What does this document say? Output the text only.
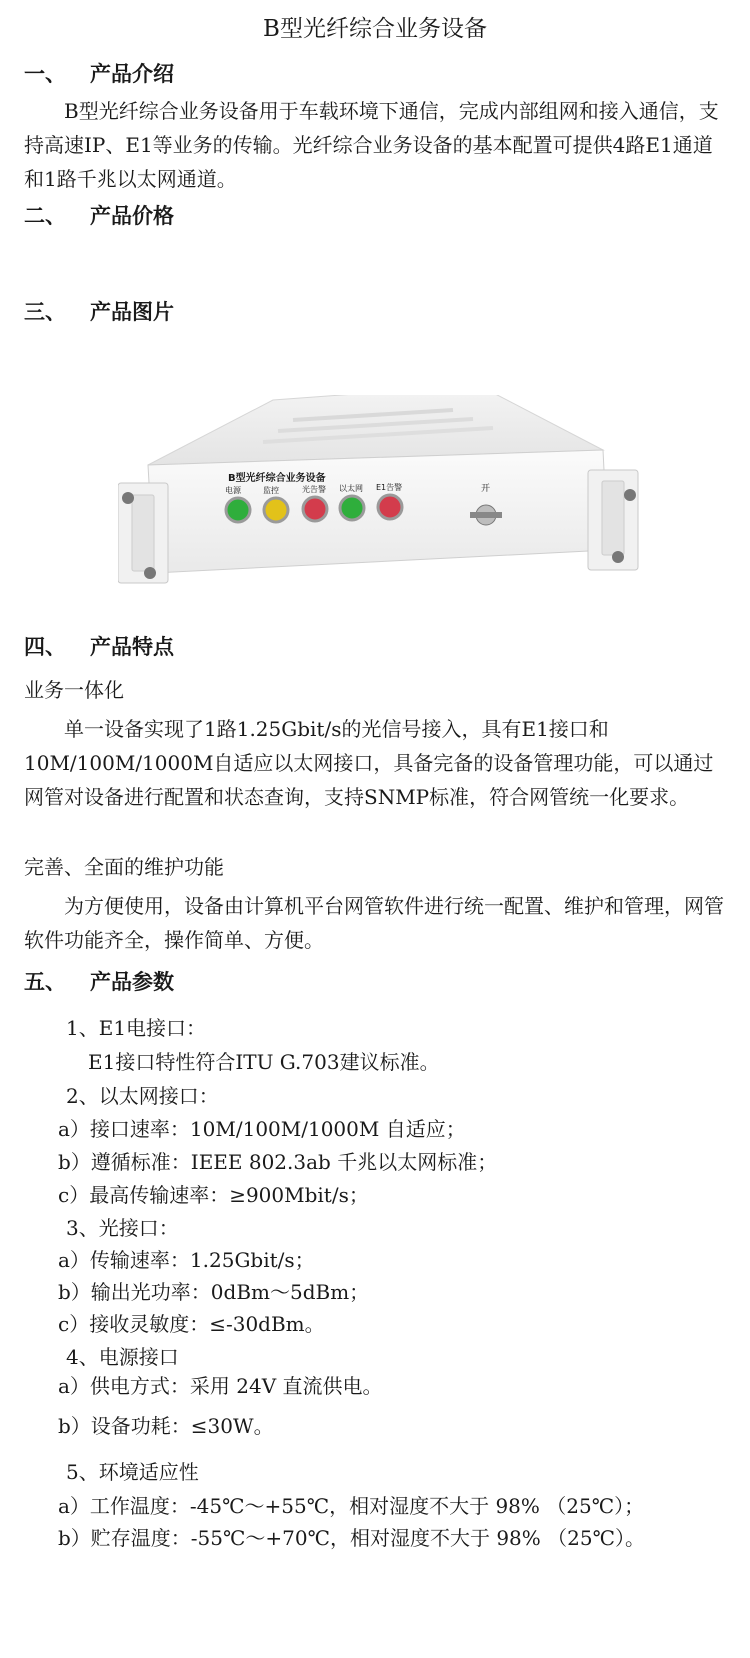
B型光纤综合业务设备
一、 产品介绍
B型光纤综合业务设备用于车载环境下通信，完成内部组网和接入通信，支持高速IP、E1等业务的传输。光纤综合业务设备的基本配置可提供4路E1通道和1路千兆以太网通道。
二、 产品价格
三、 产品图片
B型光纤综合业务设备
电源	监控	光告警 以太网 E1告警	开
四、 产品特点
业务一体化
单一设备实现了1路1.25Gbit/s的光信号接入，具有E1接口和10M/100M/1000M自适应以太网接口，具备完备的设备管理功能，可以通过网管对设备进行配置和状态查询，支持SNMP标准，符合网管统一化要求。
完善、全面的维护功能
为方便使用，设备由计算机平台网管软件进行统一配置、维护和管理，网管软件功能齐全，操作简单、方便。
五、 产品参数
1、E1电接口：
E1接口特性符合ITU G.703建议标准。
2、以太网接口：
a）接口速率：10M/100M/1000M 自适应；
b）遵循标准：IEEE 802.3ab 千兆以太网标准；
c）最高传输速率：≥900Mbit/s；
3、光接口：
a）传输速率：1.25Gbit/s；
b）输出光功率：0dBm～5dBm；
c）接收灵敏度：≤-30dBm。
4、电源接口
a）供电方式：采用 24V 直流供电。
b）设备功耗：≤30W。
5、环境适应性
a）工作温度：-45℃～+55℃，相对湿度不大于 98% （25℃）；
b）贮存温度：-55℃～+70℃，相对湿度不大于 98% （25℃）。
